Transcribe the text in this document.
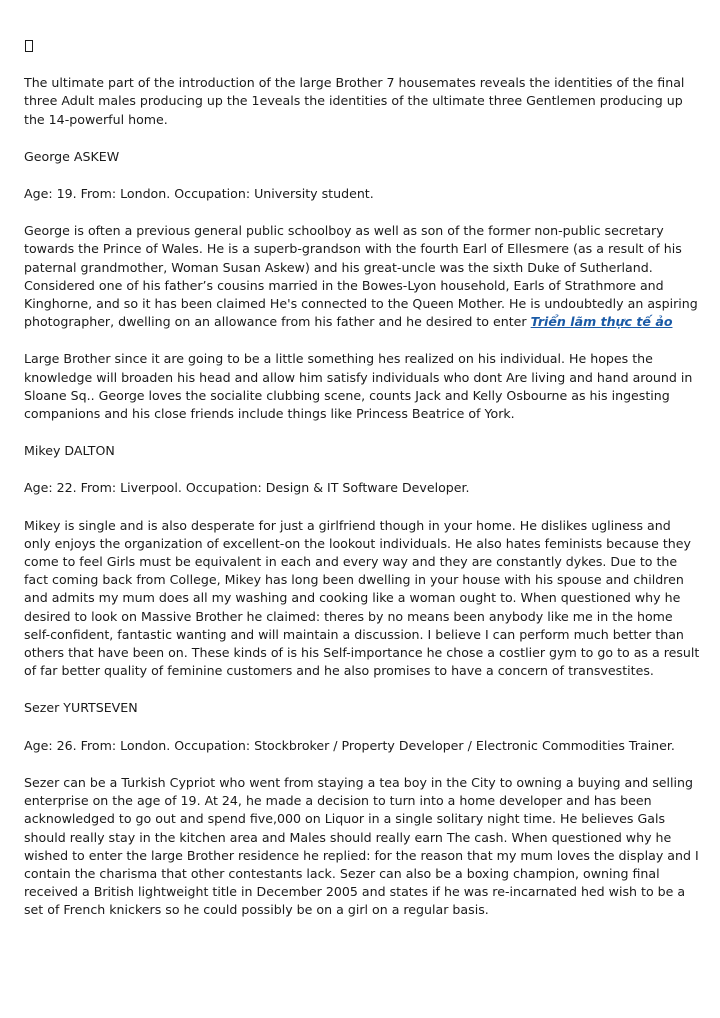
The ultimate part of the introduction of the large Brother 7 housemates reveals the identities of the final three Adult males producing up the 1eveals the identities of the ultimate three Gentlemen producing up the 14-powerful home.

George ASKEW

Age: 19. From: London. Occupation: University student.

George is often a previous general public schoolboy as well as son of the former non-public secretary towards the Prince of Wales. He is a superb-grandson with the fourth Earl of Ellesmere (as a result of his paternal grandmother, Woman Susan Askew) and his great-uncle was the sixth Duke of Sutherland. Considered one of his father’s cousins married in the Bowes-Lyon household, Earls of Strathmore and Kinghorne, and so it has been claimed He's connected to the Queen Mother. He is undoubtedly an aspiring photographer, dwelling on an allowance from his father and he desired to enter Triển lãm thực tế ảo

Large Brother since it are going to be a little something hes realized on his individual. He hopes the knowledge will broaden his head and allow him satisfy individuals who dont Are living and hand around in Sloane Sq.. George loves the socialite clubbing scene, counts Jack and Kelly Osbourne as his ingesting companions and his close friends include things like Princess Beatrice of York.

Mikey DALTON

Age: 22. From: Liverpool. Occupation: Design & IT Software Developer.

Mikey is single and is also desperate for just a girlfriend though in your home. He dislikes ugliness and only enjoys the organization of excellent-on the lookout individuals. He also hates feminists because they come to feel Girls must be equivalent in each and every way and they are constantly dykes. Due to the fact coming back from College, Mikey has long been dwelling in your house with his spouse and children and admits my mum does all my washing and cooking like a woman ought to. When questioned why he desired to look on Massive Brother he claimed: theres by no means been anybody like me in the home self-confident, fantastic wanting and will maintain a discussion. I believe I can perform much better than others that have been on. These kinds of is his Self-importance he chose a costlier gym to go to as a result of far better quality of feminine customers and he also promises to have a concern of transvestites.

Sezer YURTSEVEN

Age: 26. From: London. Occupation: Stockbroker / Property Developer / Electronic Commodities Trainer.

Sezer can be a Turkish Cypriot who went from staying a tea boy in the City to owning a buying and selling enterprise on the age of 19. At 24, he made a decision to turn into a home developer and has been acknowledged to go out and spend five,000 on Liquor in a single solitary night time. He believes Gals should really stay in the kitchen area and Males should really earn The cash. When questioned why he wished to enter the large Brother residence he replied: for the reason that my mum loves the display and I contain the charisma that other contestants lack. Sezer can also be a boxing champion, owning final received a British lightweight title in December 2005 and states if he was re-incarnated hed wish to be a set of French knickers so he could possibly be on a girl on a regular basis.
